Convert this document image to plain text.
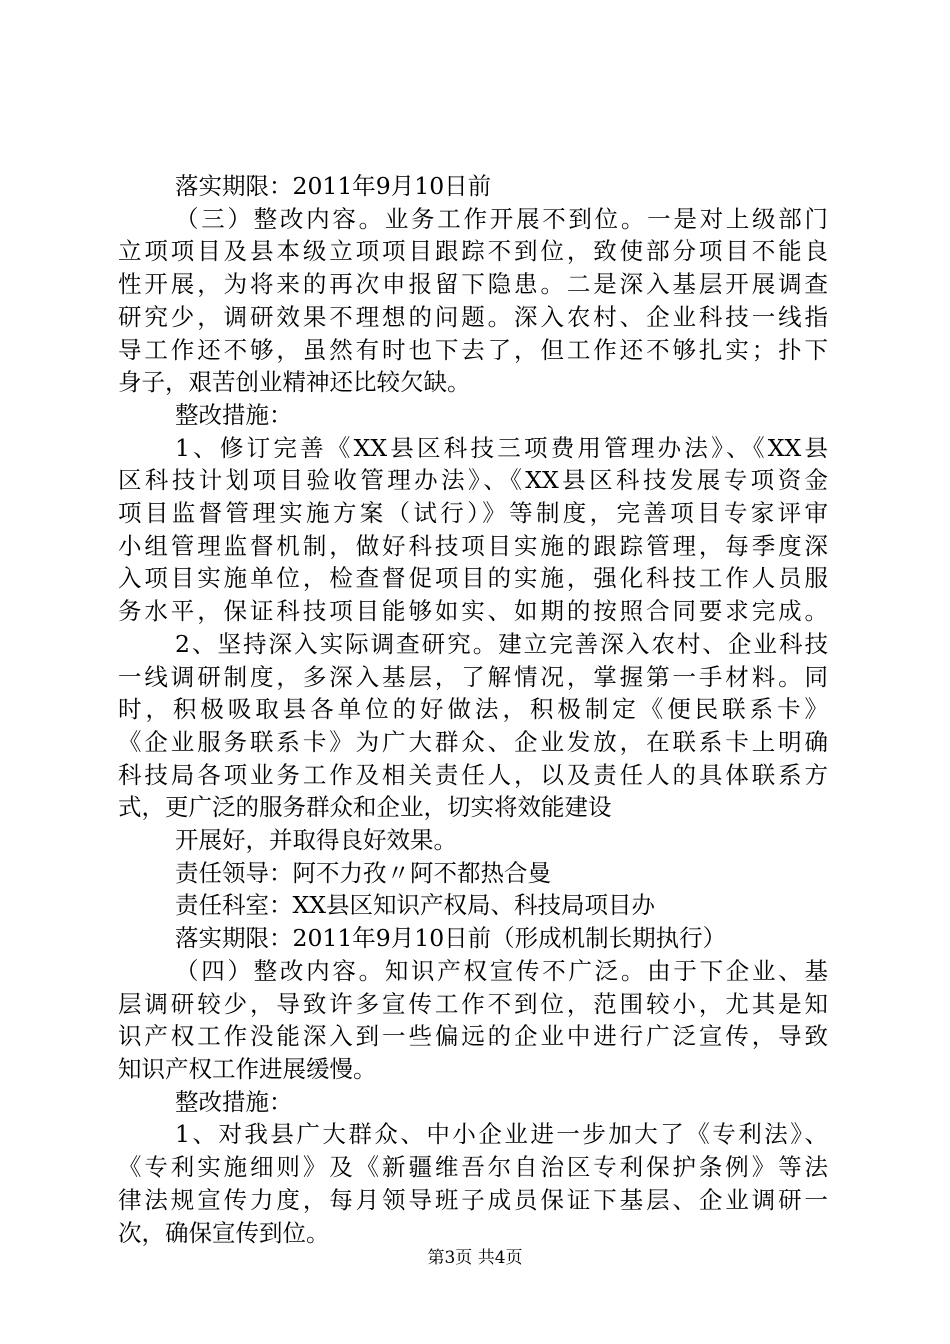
落实期限：2011年9月10日前
（三）整改内容。业务工作开展不到位。一是对上级部门
立项项目及县本级立项项目跟踪不到位，致使部分项目不能良
性开展，为将来的再次申报留下隐患。二是深入基层开展调查
研究少，调研效果不理想的问题。深入农村、企业科技一线指
导工作还不够，虽然有时也下去了，但工作还不够扎实；扑下
身子，艰苦创业精神还比较欠缺。
整改措施：
1、修订完善《XX县区科技三项费用管理办法》、《XX县
区科技计划项目验收管理办法》、《XX县区科技发展专项资金
项目监督管理实施方案（试行）》等制度，完善项目专家评审
小组管理监督机制，做好科技项目实施的跟踪管理，每季度深
入项目实施单位，检查督促项目的实施，强化科技工作人员服
务水平，保证科技项目能够如实、如期的按照合同要求完成。
2、坚持深入实际调查研究。建立完善深入农村、企业科技
一线调研制度，多深入基层，了解情况，掌握第一手材料。同
时，积极吸取县各单位的好做法，积极制定《便民联系卡》
《企业服务联系卡》为广大群众、企业发放，在联系卡上明确
科技局各项业务工作及相关责任人，以及责任人的具体联系方
式，更广泛的服务群众和企业，切实将效能建设
开展好，并取得良好效果。
责任领导：阿不力孜〃阿不都热合曼
责任科室：XX县区知识产权局、科技局项目办
落实期限：2011年9月10日前（形成机制长期执行）
（四）整改内容。知识产权宣传不广泛。由于下企业、基
层调研较少，导致许多宣传工作不到位，范围较小，尤其是知
识产权工作没能深入到一些偏远的企业中进行广泛宣传，导致
知识产权工作进展缓慢。
整改措施：
1、对我县广大群众、中小企业进一步加大了《专利法》、
《专利实施细则》及《新疆维吾尔自治区专利保护条例》等法
律法规宣传力度，每月领导班子成员保证下基层、企业调研一
次，确保宣传到位。
第3页 共4页
